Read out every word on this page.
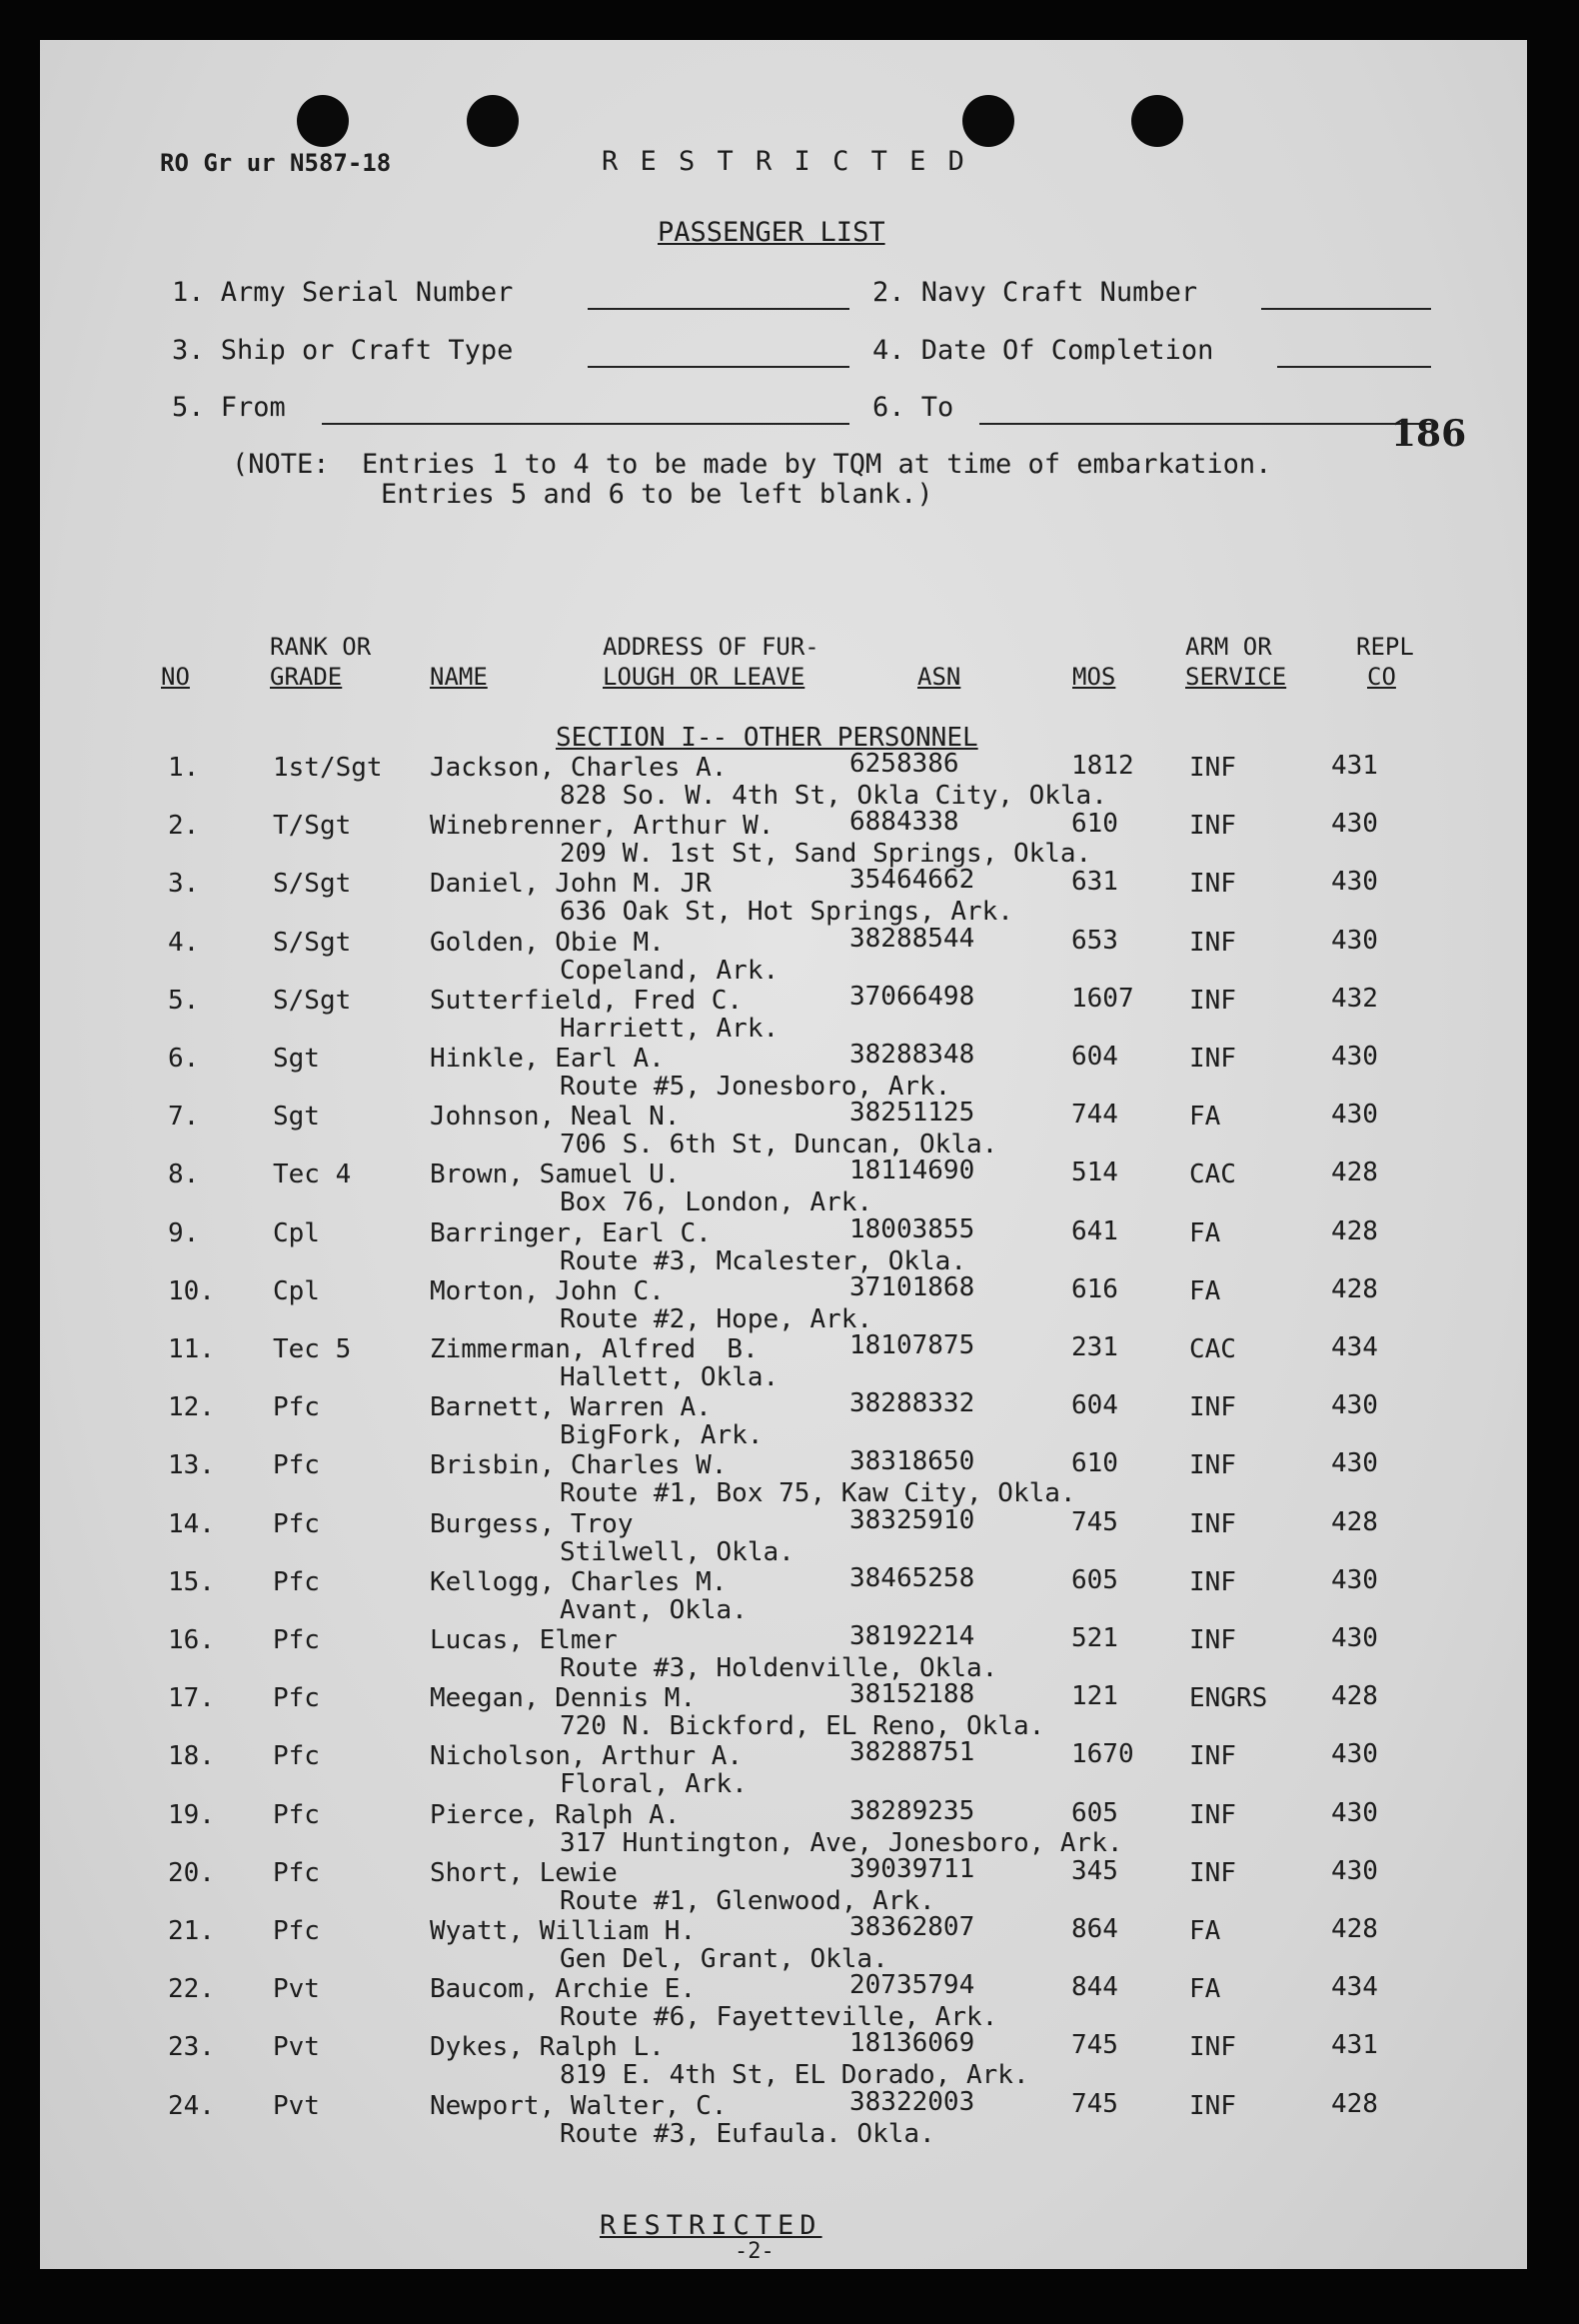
RO Gr ur N587-18	R E S T R I C T E D
PASSENGER LIST
1. Army Serial Number	2. Navy Craft Number
3. Ship or Craft Type	4. Date Of Completion
5. From	6. To
186
(NOTE:  Entries 1 to 4 to be made by TQM at time of embarkation.
Entries 5 and 6 to be left blank.)
RANK OR
NO	GRADE	NAME
ADDRESS OF FUR-
LOUGH OR LEAVE	ASN	MOS
ARM OR
SERVICE
REPL
CO
SECTION I-- OTHER PERSONNEL
1.	1st/Sgt Jackson, Charles A.	6258386	1812 INF	431
828 So. W. 4th St, Okla City, Okla.
2.	T/Sgt	Winebrenner, Arthur W.	6884338	610	INF	430
209 W. 1st St, Sand Springs, Okla.
3.	S/Sgt	Daniel, John M. JR	35464662	631	INF	430
636 Oak St, Hot Springs, Ark.
4.	S/Sgt	Golden, Obie M.	38288544	653	INF	430
Copeland, Ark.
5.	S/Sgt	Sutterfield, Fred C.	37066498	1607 INF	432
Harriett, Ark.
6.	Sgt	Hinkle, Earl A.	38288348	604	INF	430
Route #5, Jonesboro, Ark.
7.	Sgt	Johnson, Neal N.	38251125	744	FA	430
706 S. 6th St, Duncan, Okla.
8.	Tec 4	Brown, Samuel U.	18114690	514	CAC	428
Box 76, London, Ark.
9.	Cpl	Barringer, Earl C.	18003855	641	FA	428
Route #3, Mcalester, Okla.
10. Cpl	Morton, John C.	37101868	616	FA	428
Route #2, Hope, Ark.
11. Tec 5	Zimmerman, Alfred  B.	18107875	231	CAC	434
Hallett, Okla.
12. Pfc	Barnett, Warren A.	38288332	604	INF	430
BigFork, Ark.
13. Pfc	Brisbin, Charles W.	38318650	610	INF	430
Route #1, Box 75, Kaw City, Okla.
14. Pfc	Burgess, Troy	38325910	745	INF	428
Stilwell, Okla.
15. Pfc	Kellogg, Charles M.	38465258	605	INF	430
Avant, Okla.
16. Pfc	Lucas, Elmer	38192214	521	INF	430
Route #3, Holdenville, Okla.
17. Pfc	Meegan, Dennis M.	38152188	121	ENGRS 428
720 N. Bickford, EL Reno, Okla.
18. Pfc	Nicholson, Arthur A.	38288751	1670 INF	430
Floral, Ark.
19. Pfc	Pierce, Ralph A.	38289235	605	INF	430
317 Huntington, Ave, Jonesboro, Ark.
20. Pfc	Short, Lewie	39039711	345	INF	430
Route #1, Glenwood, Ark.
21. Pfc	Wyatt, William H.	38362807	864	FA	428
Gen Del, Grant, Okla.
22. Pvt	Baucom, Archie E.	20735794	844	FA	434
Route #6, Fayetteville, Ark.
23. Pvt	Dykes, Ralph L.	18136069	745	INF	431
819 E. 4th St, EL Dorado, Ark.
24. Pvt	Newport, Walter, C.	38322003	745	INF	428
Route #3, Eufaula. Okla.
RESTRICTED
-2-
